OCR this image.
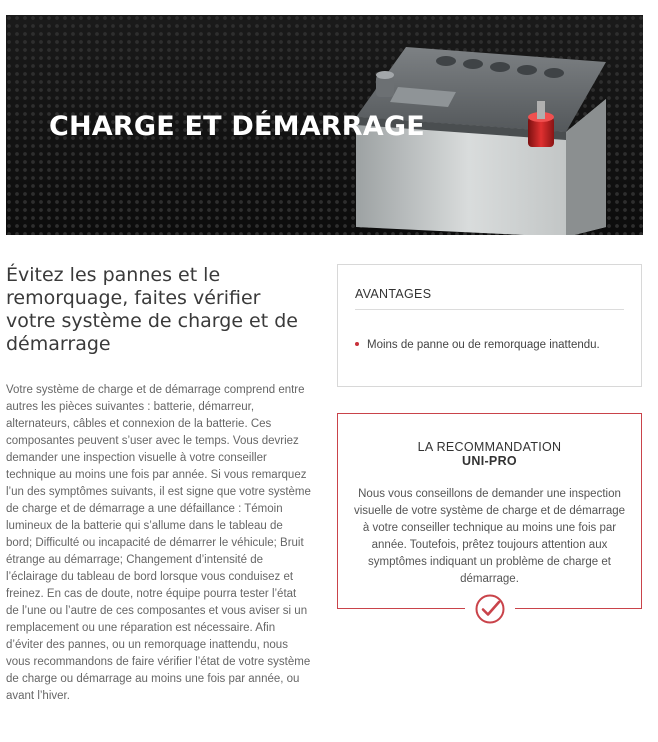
CHARGE ET DÉMARRAGE
Évitez les pannes et le remorquage, faites vérifier votre système de charge et de démarrage

Votre système de charge et de démarrage comprend entre autres les pièces suivantes : batterie, démarreur, alternateurs, câbles et connexion de la batterie. Ces composantes peuvent s’user avec le temps. Vous devriez demander une inspection visuelle à votre conseiller technique au moins une fois par année. Si vous remarquez l’un des symptômes suivants, il est signe que votre système de charge et de démarrage a une défaillance : Témoin lumineux de la batterie qui s’allume dans le tableau de bord; Difficulté ou incapacité de démarrer le véhicule; Bruit étrange au démarrage; Changement d’intensité de l’éclairage du tableau de bord lorsque vous conduisez et freinez. En cas de doute, notre équipe pourra tester l’état de l’une ou l’autre de ces composantes et vous aviser si un remplacement ou une réparation est nécessaire. Afin d’éviter des pannes, ou un remorquage inattendu, nous vous recommandons de faire vérifier l’état de votre système de charge ou démarrage au moins une fois par année, ou avant l’hiver.

AVANTAGES
Moins de panne ou de remorquage inattendu.
LA RECOMMANDATION
UNI-PRO

Nous vous conseillons de demander une inspection visuelle de votre système de charge et de démarrage à votre conseiller technique au moins une fois par année. Toutefois, prêtez toujours attention aux symptômes indiquant un problème de charge et démarrage.
